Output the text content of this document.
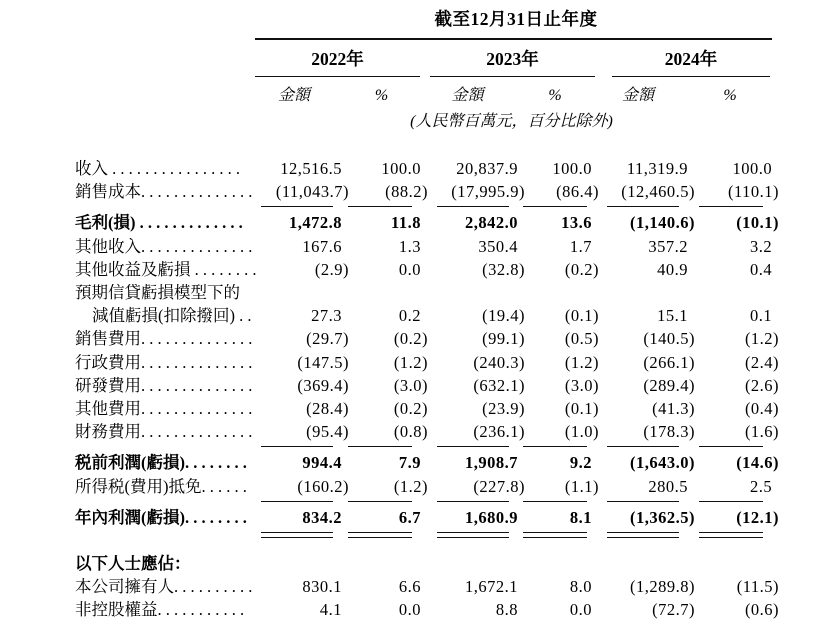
	截至12月31日止年度					

	2022年		2023年		2024年	

	金額	%	金額	%	金額	%

			(人民幣百萬元，百分比除外)			

收入 . . . . . . . . . . . . . . . .	12,516.5	100.0	20,837.9	100.0	11,319.9	100.0
銷售成本. . . . . . . . . . . . . .	(11,043.7)	(88.2)	(17,995.9)	(86.4)	(12,460.5)	(110.1)

毛利(損) . . . . . . . . . . . . .	1,472.8	11.8	2,842.0	13.6	(1,140.6)	(10.1)
其他收入. . . . . . . . . . . . . .	167.6	1.3	350.4	1.7	357.2	3.2
其他收益及虧損 . . . . . . . .	(2.9)	0.0	(32.8)	(0.2)	40.9	0.4
預期信貸虧損模型下的						
減值虧損(扣除撥回) . .	27.3	0.2	(19.4)	(0.1)	15.1	0.1
銷售費用. . . . . . . . . . . . . .	(29.7)	(0.2)	(99.1)	(0.5)	(140.5)	(1.2)
行政費用. . . . . . . . . . . . . .	(147.5)	(1.2)	(240.3)	(1.2)	(266.1)	(2.4)
研發費用. . . . . . . . . . . . . .	(369.4)	(3.0)	(632.1)	(3.0)	(289.4)	(2.6)
其他費用. . . . . . . . . . . . . .	(28.4)	(0.2)	(23.9)	(0.1)	(41.3)	(0.4)
財務費用. . . . . . . . . . . . . .	(95.4)	(0.8)	(236.1)	(1.0)	(178.3)	(1.6)

税前利潤(虧損). . . . . . . .	994.4	7.9	1,908.7	9.2	(1,643.0)	(14.6)
所得税(費用)抵免. . . . . .	(160.2)	(1.2)	(227.8)	(1.1)	280.5	2.5

年內利潤(虧損). . . . . . . .	834.2	6.7	1,680.9	8.1	(1,362.5)	(12.1)

以下人士應佔：						
本公司擁有人. . . . . . . . . .	830.1	6.6	1,672.1	8.0	(1,289.8)	(11.5)
非控股權益. . . . . . . . . . .	4.1	0.0	8.8	0.0	(72.7)	(0.6)
